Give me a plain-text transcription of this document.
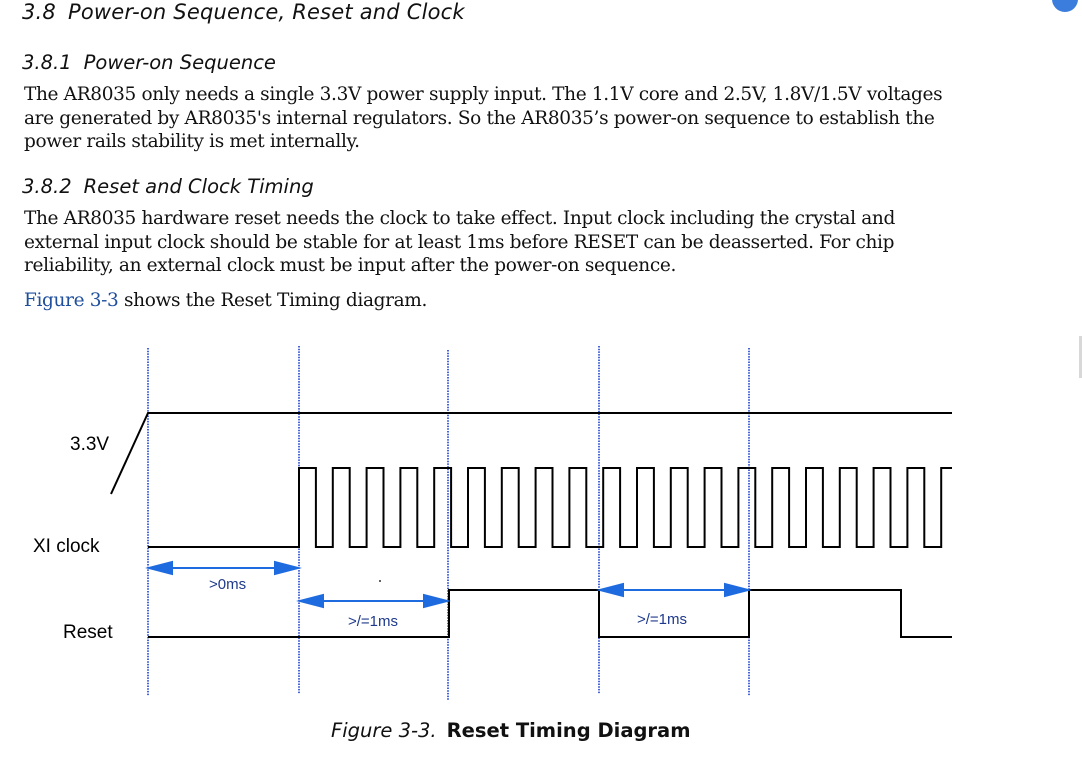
3.8 Power-on Sequence, Reset and Clock
3.8.1 Power-on Sequence
The AR8035 only needs a single 3.3V power supply input. The 1.1V core and 2.5V, 1.8V/1.5V voltages
are generated by AR8035's internal regulators. So the AR8035’s power-on sequence to establish the
power rails stability is met internally.
3.8.2 Reset and Clock Timing
The AR8035 hardware reset needs the clock to take effect. Input clock including the crystal and
external input clock should be stable for at least 1ms before RESET can be deasserted. For chip
reliability, an external clock must be input after the power-on sequence.
Figure 3-3 shows the Reset Timing diagram.
3.3V
XI clock
Reset
>0ms
>/=1ms	>/=1ms
Figure 3-3. Reset Timing Diagram
